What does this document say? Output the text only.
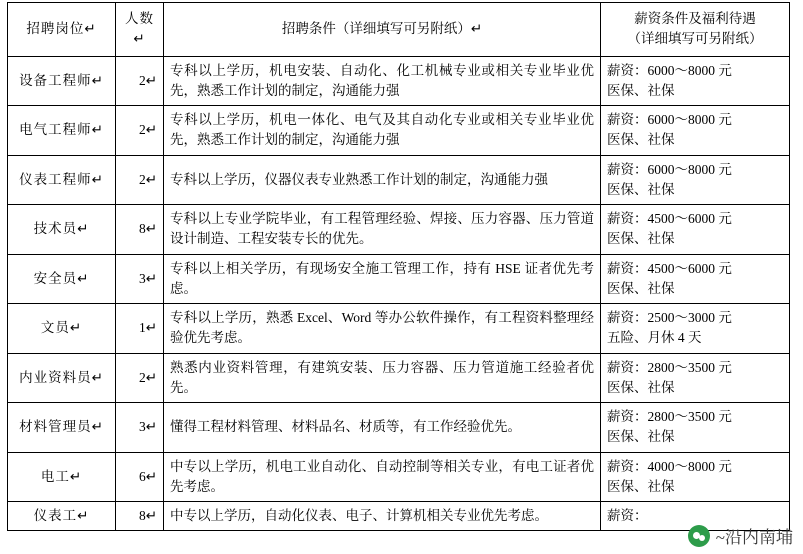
招聘岗位↵	人数↵	招聘条件（详细填写可另附纸）↵	薪资条件及福利待遇
（详细填写可另附纸）

设备工程师↵	2↵	专科以上学历，机电安装、自动化、化工机械专业或相关专业毕业优先，熟悉工作计划的制定，沟通能力强	薪资：6000～8000 元
医保、社保

电气工程师↵	2↵	专科以上学历，机电一体化、电气及其自动化专业或相关专业毕业优先，熟悉工作计划的制定，沟通能力强	薪资：6000～8000 元
医保、社保

仪表工程师↵	2↵	专科以上学历，仪器仪表专业熟悉工作计划的制定，沟通能力强	薪资：6000～8000 元
医保、社保

技术员↵	8↵	专科以上专业学院毕业，有工程管理经验、焊接、压力容器、压力管道设计制造、工程安装专长的优先。	薪资：4500～6000 元
医保、社保

安全员↵	3↵	专科以上相关学历，有现场安全施工管理工作，持有 HSE 证者优先考虑。	薪资：4500～6000 元
医保、社保

文员↵	1↵	专科以上学历，熟悉 Excel、Word 等办公软件操作，有工程资料整理经验优先考虑。	薪资：2500～3000 元
五险、月休 4 天

内业资料员↵	2↵	熟悉内业资料管理，有建筑安装、压力容器、压力管道施工经验者优先。	薪资：2800～3500 元
医保、社保

材料管理员↵	3↵	懂得工程材料管理、材料品名、材质等，有工作经验优先。	薪资：2800～3500 元
医保、社保

电工↵	6↵	中专以上学历，机电工业自动化、自动控制等相关专业，有电工证者优先考虑。	薪资：4000～8000 元
医保、社保

仪表工↵	8↵	中专以上学历，自动化仪表、电子、计算机相关专业优先考虑。	薪资：
~沿内南埔
